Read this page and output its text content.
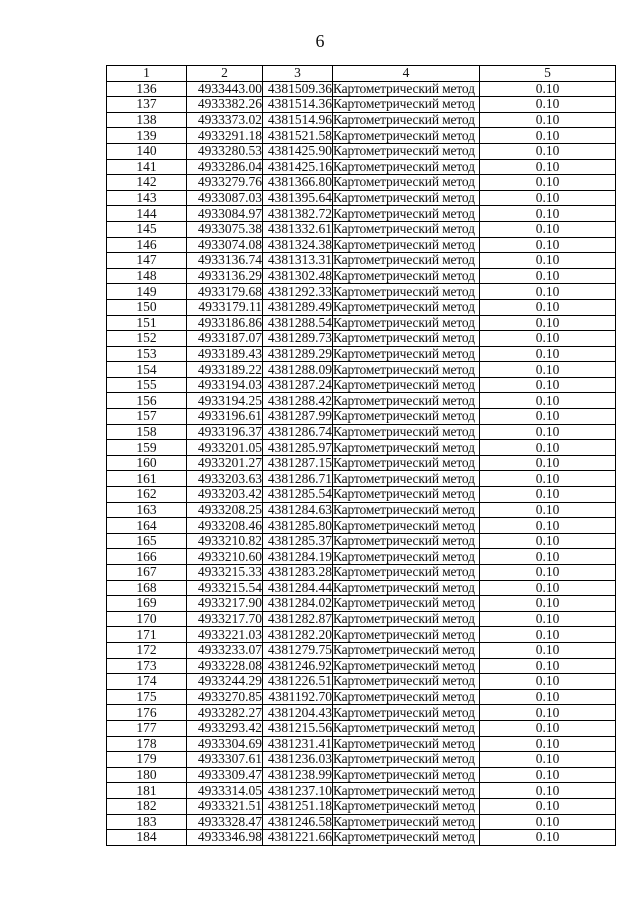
6
1	2	3	4	5
136	4933443.00	4381509.36	Картометрический метод	0.10
137	4933382.26	4381514.36	Картометрический метод	0.10
138	4933373.02	4381514.96	Картометрический метод	0.10
139	4933291.18	4381521.58	Картометрический метод	0.10
140	4933280.53	4381425.90	Картометрический метод	0.10
141	4933286.04	4381425.16	Картометрический метод	0.10
142	4933279.76	4381366.80	Картометрический метод	0.10
143	4933087.03	4381395.64	Картометрический метод	0.10
144	4933084.97	4381382.72	Картометрический метод	0.10
145	4933075.38	4381332.61	Картометрический метод	0.10
146	4933074.08	4381324.38	Картометрический метод	0.10
147	4933136.74	4381313.31	Картометрический метод	0.10
148	4933136.29	4381302.48	Картометрический метод	0.10
149	4933179.68	4381292.33	Картометрический метод	0.10
150	4933179.11	4381289.49	Картометрический метод	0.10
151	4933186.86	4381288.54	Картометрический метод	0.10
152	4933187.07	4381289.73	Картометрический метод	0.10
153	4933189.43	4381289.29	Картометрический метод	0.10
154	4933189.22	4381288.09	Картометрический метод	0.10
155	4933194.03	4381287.24	Картометрический метод	0.10
156	4933194.25	4381288.42	Картометрический метод	0.10
157	4933196.61	4381287.99	Картометрический метод	0.10
158	4933196.37	4381286.74	Картометрический метод	0.10
159	4933201.05	4381285.97	Картометрический метод	0.10
160	4933201.27	4381287.15	Картометрический метод	0.10
161	4933203.63	4381286.71	Картометрический метод	0.10
162	4933203.42	4381285.54	Картометрический метод	0.10
163	4933208.25	4381284.63	Картометрический метод	0.10
164	4933208.46	4381285.80	Картометрический метод	0.10
165	4933210.82	4381285.37	Картометрический метод	0.10
166	4933210.60	4381284.19	Картометрический метод	0.10
167	4933215.33	4381283.28	Картометрический метод	0.10
168	4933215.54	4381284.44	Картометрический метод	0.10
169	4933217.90	4381284.02	Картометрический метод	0.10
170	4933217.70	4381282.87	Картометрический метод	0.10
171	4933221.03	4381282.20	Картометрический метод	0.10
172	4933233.07	4381279.75	Картометрический метод	0.10
173	4933228.08	4381246.92	Картометрический метод	0.10
174	4933244.29	4381226.51	Картометрический метод	0.10
175	4933270.85	4381192.70	Картометрический метод	0.10
176	4933282.27	4381204.43	Картометрический метод	0.10
177	4933293.42	4381215.56	Картометрический метод	0.10
178	4933304.69	4381231.41	Картометрический метод	0.10
179	4933307.61	4381236.03	Картометрический метод	0.10
180	4933309.47	4381238.99	Картометрический метод	0.10
181	4933314.05	4381237.10	Картометрический метод	0.10
182	4933321.51	4381251.18	Картометрический метод	0.10
183	4933328.47	4381246.58	Картометрический метод	0.10
184	4933346.98	4381221.66	Картометрический метод	0.10
